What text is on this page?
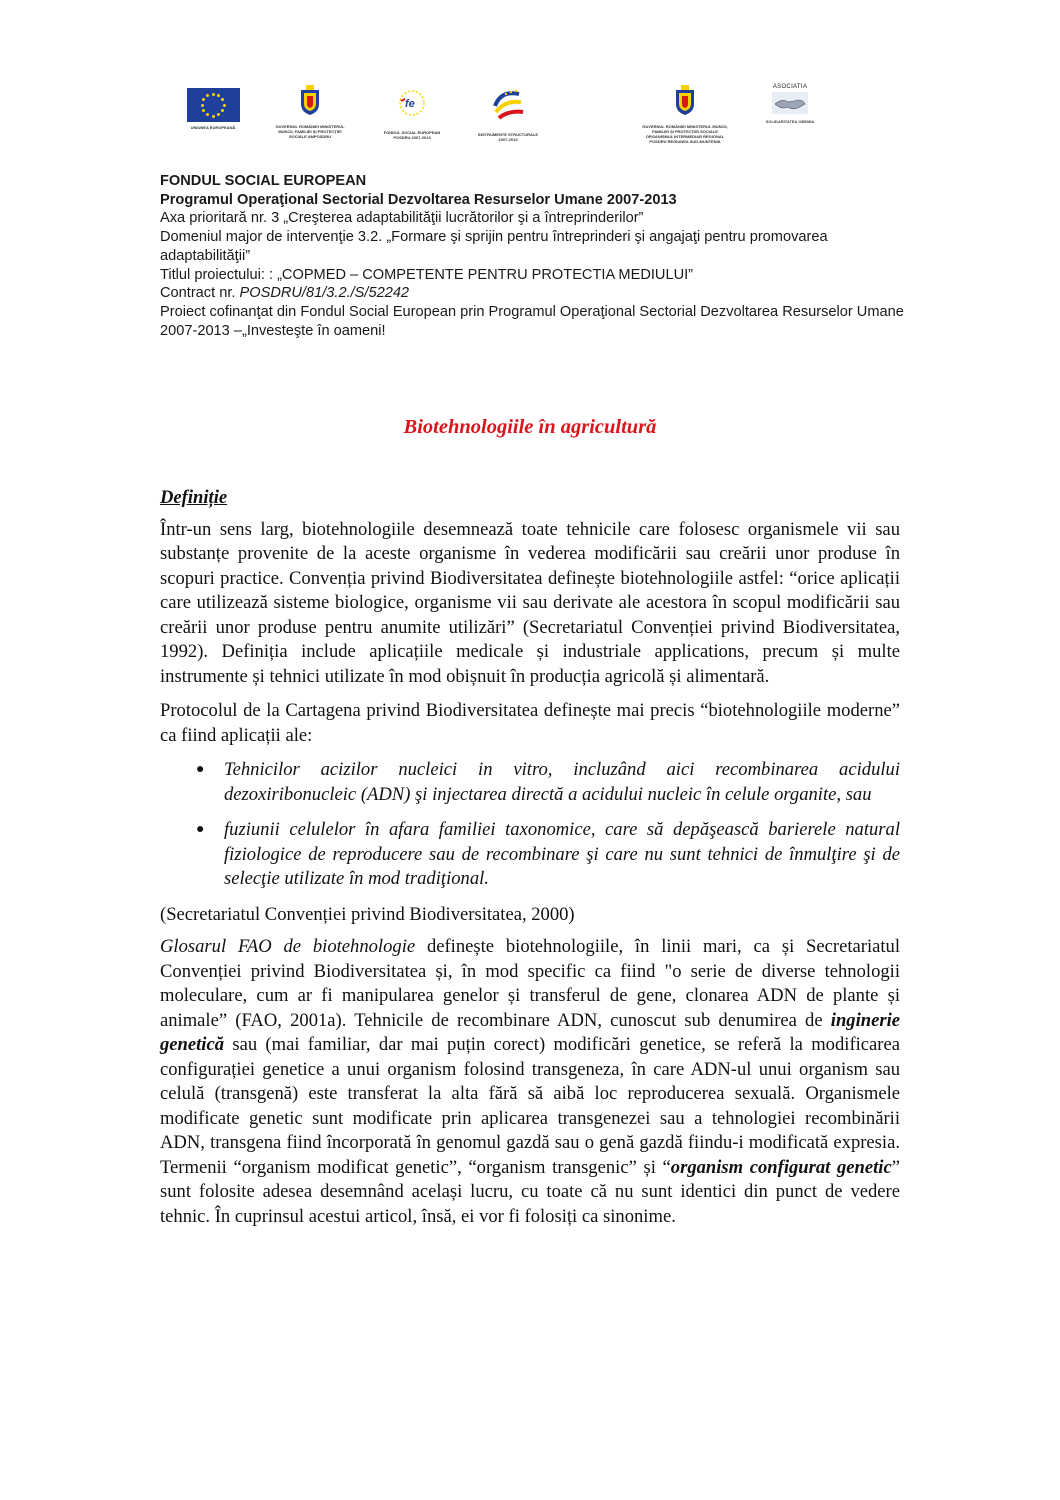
UNIUNEA EUROPEANĂ	GUVERNUL ROMÂNIEI MINISTERUL MUNCII, FAMILIEI ŞI PROTECŢIEI SOCIALE AMPOSDRU
fe
FONDUL SOCIAL EUROPEAN POSDRU 2007-2013
INSTRUMENTE STRUCTURALE 2007-2013
GUVERNUL ROMÂNIEI MINISTERUL MUNCII, FAMILIEI ŞI PROTECŢIEI SOCIALE ORGANISMUL INTERMEDIAR REGIONAL POSDRU REGIUNEA SUD-MUNTENIA
ASOCIATIA
SOLIDARITATEA OBEMIA
FONDUL SOCIAL EUROPEAN
Programul Operaţional Sectorial Dezvoltarea Resurselor Umane 2007-2013
Axa prioritară nr. 3 „Creşterea adaptabilităţii lucrătorilor şi a întreprinderilor”
Domeniul major de intervenţie 3.2. „Formare şi sprijin pentru întreprinderi şi angajaţi pentru promovarea adaptabilităţii”
Titlul proiectului: : „COPMED – COMPETENTE PENTRU PROTECTIA MEDIULUI”
Contract nr. POSDRU/81/3.2./S/52242
Proiect cofinanţat din Fondul Social European prin Programul Operaţional Sectorial Dezvoltarea Resurselor Umane 2007-2013 –„Investeşte în oameni!
Biotehnologiile în agricultură
Definiție

Într-un sens larg, biotehnologiile desemnează toate tehnicile care folosesc organismele vii sau substanțe provenite de la aceste organisme în vederea modificării sau creării unor produse în scopuri practice. Convenția privind Biodiversitatea definește biotehnologiile astfel: “orice aplicații care utilizează sisteme biologice, organisme vii sau derivate ale acestora în scopul modificării sau creării unor produse pentru anumite utilizări” (Secretariatul Convenției privind Biodiversitatea, 1992). Definiția include aplicațiile medicale și industriale applications, precum și multe instrumente și tehnici utilizate în mod obișnuit în producția agricolă și alimentară.

Protocolul de la Cartagena privind Biodiversitatea definește mai precis “biotehnologiile moderne” ca fiind aplicații ale:

● Tehnicilor acizilor nucleici in vitro, incluzând aici recombinarea acidului dezoxiribonucleic (ADN) şi injectarea directă a acidului nucleic în celule organite, sau
● fuziunii celulelor în afara familiei taxonomice, care să depăşească barierele natural fiziologice de reproducere sau de recombinare şi care nu sunt tehnici de înmulţire şi de selecţie utilizate în mod tradiţional.

(Secretariatul Convenției privind Biodiversitatea, 2000)

Glosarul FAO de biotehnologie definește biotehnologiile, în linii mari, ca și Secretariatul Convenției privind Biodiversitatea și, în mod specific ca fiind "o serie de diverse tehnologii moleculare, cum ar fi manipularea genelor și transferul de gene, clonarea ADN de plante și animale” (FAO, 2001a). Tehnicile de recombinare ADN, cunoscut sub denumirea de inginerie genetică sau (mai familiar, dar mai puțin corect) modificări genetice, se referă la modificarea configurației genetice a unui organism folosind transgeneza, în care ADN-ul unui organism sau celulă (transgenă) este transferat la alta fără să aibă loc reproducerea sexuală. Organismele modificate genetic sunt modificate prin aplicarea transgenezei sau a tehnologiei recombinării ADN, transgena fiind încorporată în genomul gazdă sau o genă gazdă fiindu-i modificată expresia. Termenii “organism modificat genetic”, “organism transgenic” și “organism configurat genetic” sunt folosite adesea desemnând același lucru, cu toate că nu sunt identici din punct de vedere tehnic. În cuprinsul acestui articol, însă, ei vor fi folosiți ca sinonime.
